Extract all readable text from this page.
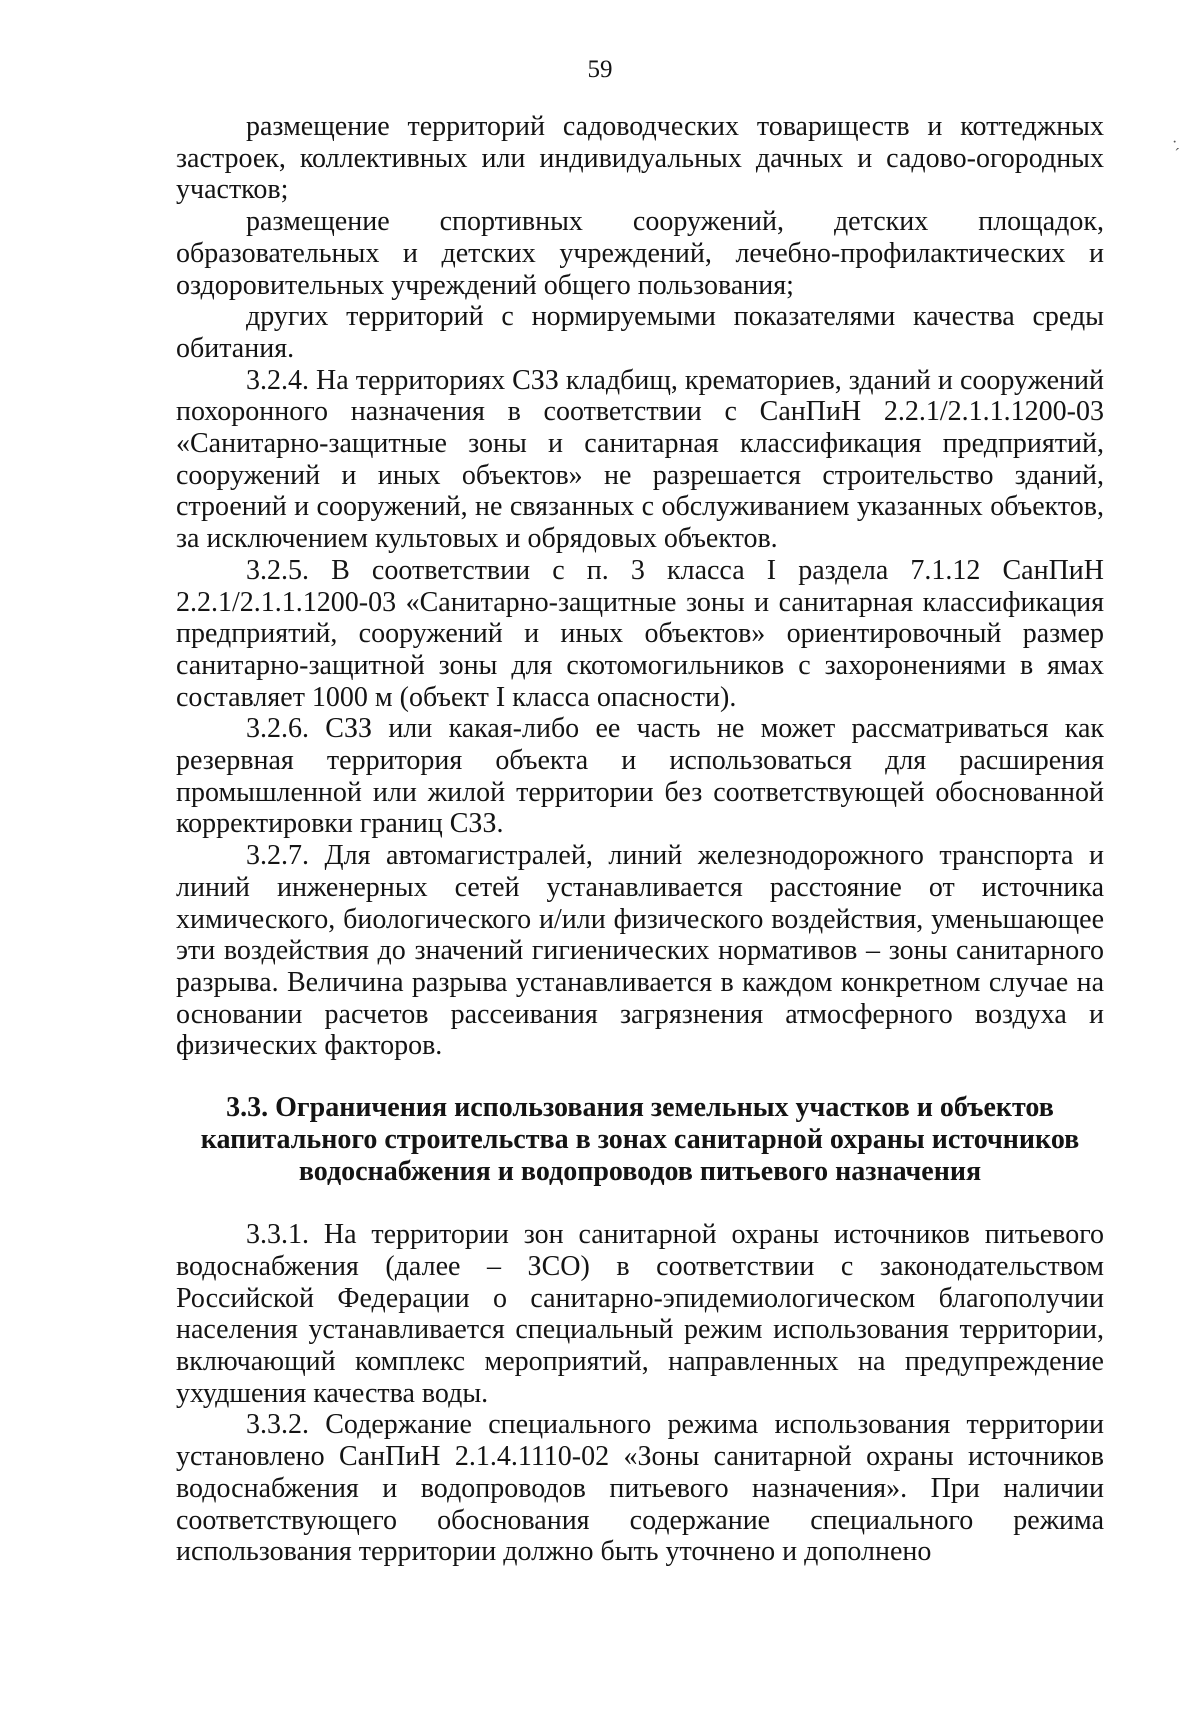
59
·̗

размещение территорий садоводческих товариществ и коттеджных застроек, коллективных или индивидуальных дачных и садово-огородных участков;

размещение спортивных сооружений, детских площадок, образовательных и детских учреждений, лечебно-профилактических и оздоровительных учреждений общего пользования;

других территорий с нормируемыми показателями качества среды обитания.

3.2.4. На территориях СЗЗ кладбищ, крематориев, зданий и сооружений похоронного назначения в соответствии с СанПиН 2.2.1/2.1.1.1200-03 «Санитарно-защитные зоны и санитарная классификация предприятий, сооружений и иных объектов» не разрешается строительство зданий, строений и сооружений, не связанных с обслуживанием указанных объектов, за исключением культовых и обрядовых объектов.

3.2.5. В соответствии с п. 3 класса I раздела 7.1.12 СанПиН 2.2.1/2.1.1.1200-03 «Санитарно-защитные зоны и санитарная классификация предприятий, сооружений и иных объектов» ориентировочный размер санитарно-защитной зоны для скотомогильников с захоронениями в ямах составляет 1000 м (объект I класса опасности).

3.2.6. СЗЗ или какая-либо ее часть не может рассматриваться как резервная территория объекта и использоваться для расширения промышленной или жилой территории без соответствующей обоснованной корректировки границ СЗЗ.

3.2.7. Для автомагистралей, линий железнодорожного транспорта и линий инженерных сетей устанавливается расстояние от источника химического, биологического и/или физического воздействия, уменьшающее эти воздействия до значений гигиенических нормативов – зоны санитарного разрыва. Величина разрыва устанавливается в каждом конкретном случае на основании расчетов рассеивания загрязнения атмосферного воздуха и физических факторов.

3.3. Ограничения использования земельных участков и объектов

капитального строительства в зонах санитарной охраны источников

водоснабжения и водопроводов питьевого назначения

3.3.1. На территории зон санитарной охраны источников питьевого водоснабжения (далее – ЗСО) в соответствии с законодательством Российской Федерации о санитарно-эпидемиологическом благополучии населения устанавливается специальный режим использования территории, включающий комплекс мероприятий, направленных на предупреждение ухудшения качества воды.

3.3.2. Содержание специального режима использования территории установлено СанПиН 2.1.4.1110-02 «Зоны санитарной охраны источников водоснабжения и водопроводов питьевого назначения». При наличии соответствующего обоснования содержание специального режима использования территории должно быть уточнено и дополнено
